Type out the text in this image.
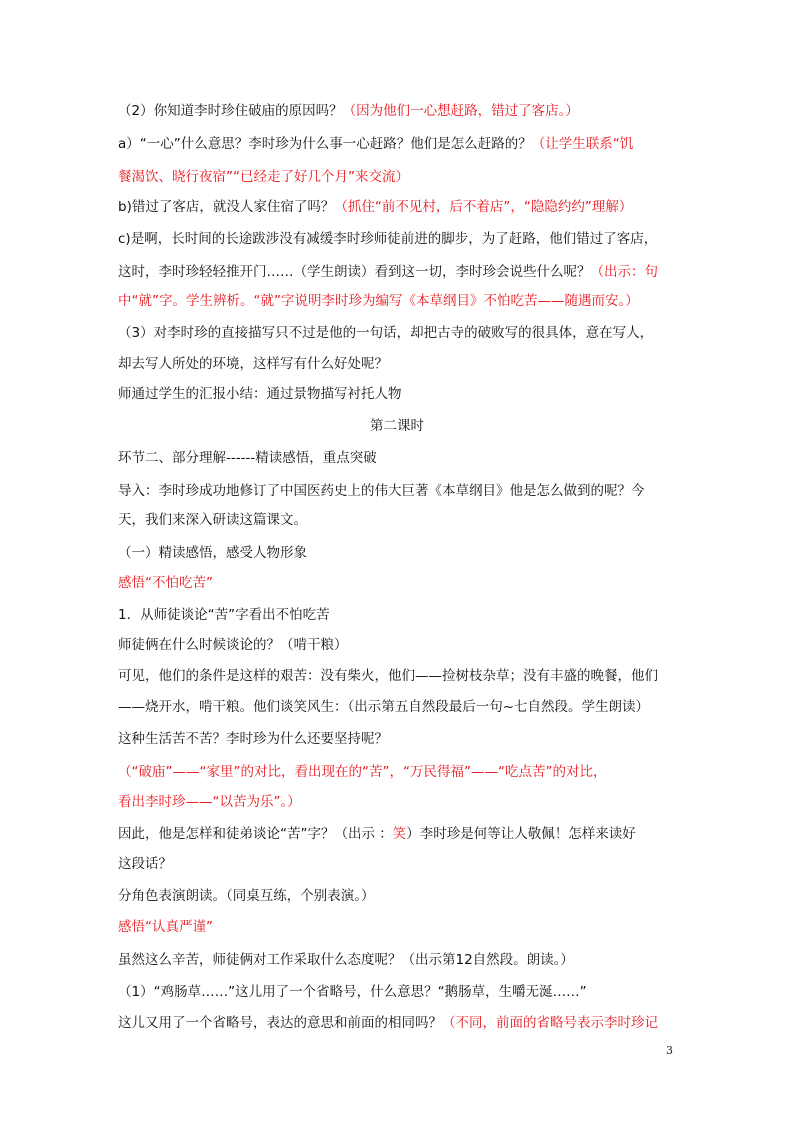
（2）你知道李时珍住破庙的原因吗？（因为他们一心想赶路，错过了客店。）
a）“一心”什么意思？李时珍为什么事一心赶路？他们是怎么赶路的？（让学生联系“饥
餐渴饮、晓行夜宿”“已经走了好几个月”来交流）
b)错过了客店，就没人家住宿了吗？（抓住“前不见村，后不着店”，“隐隐约约”理解）
c)是啊，长时间的长途跋涉没有减缓李时珍师徒前进的脚步，为了赶路，他们错过了客店，
这时，李时珍轻轻推开门……（学生朗读）看到这一切，李时珍会说些什么呢？（出示：句
中“就”字。学生辨析。“就”字说明李时珍为编写《本草纲目》不怕吃苦——随遇而安。）
（3）对李时珍的直接描写只不过是他的一句话，却把古寺的破败写的很具体，意在写人，
却去写人所处的环境，这样写有什么好处呢？
师通过学生的汇报小结：通过景物描写衬托人物
第二课时
环节二、部分理解------精读感悟，重点突破
导入：李时珍成功地修订了中国医药史上的伟大巨著《本草纲目》他是怎么做到的呢？今
天，我们来深入研读这篇课文。
（一）精读感悟，感受人物形象
感悟“不怕吃苦”
1．从师徒谈论“苦”字看出不怕吃苦
师徒俩在什么时候谈论的？（啃干粮）
可见，他们的条件是这样的艰苦：没有柴火，他们——捡树枝杂草；没有丰盛的晚餐，他们
——烧开水，啃干粮。他们谈笑风生：（出示第五自然段最后一句~七自然段。学生朗读）
这种生活苦不苦？李时珍为什么还要坚持呢？
（“破庙”——“家里”的对比，看出现在的“苦”，“万民得福”——“吃点苦”的对比，
看出李时珍——“以苦为乐”。）
因此，他是怎样和徒弟谈论“苦”字？（出示 ：笑）李时珍是何等让人敬佩！怎样来读好
这段话？
分角色表演朗读。（同桌互练，个别表演。）
感悟“认真严谨”
虽然这么辛苦，师徒俩对工作采取什么态度呢？（出示第12自然段。朗读。）
（1）“鸡肠草……”这儿用了一个省略号，什么意思？“鹅肠草，生嚼无涎……”
这儿又用了一个省略号，表达的意思和前面的相同吗？（不同，前面的省略号表示李时珍记
3
